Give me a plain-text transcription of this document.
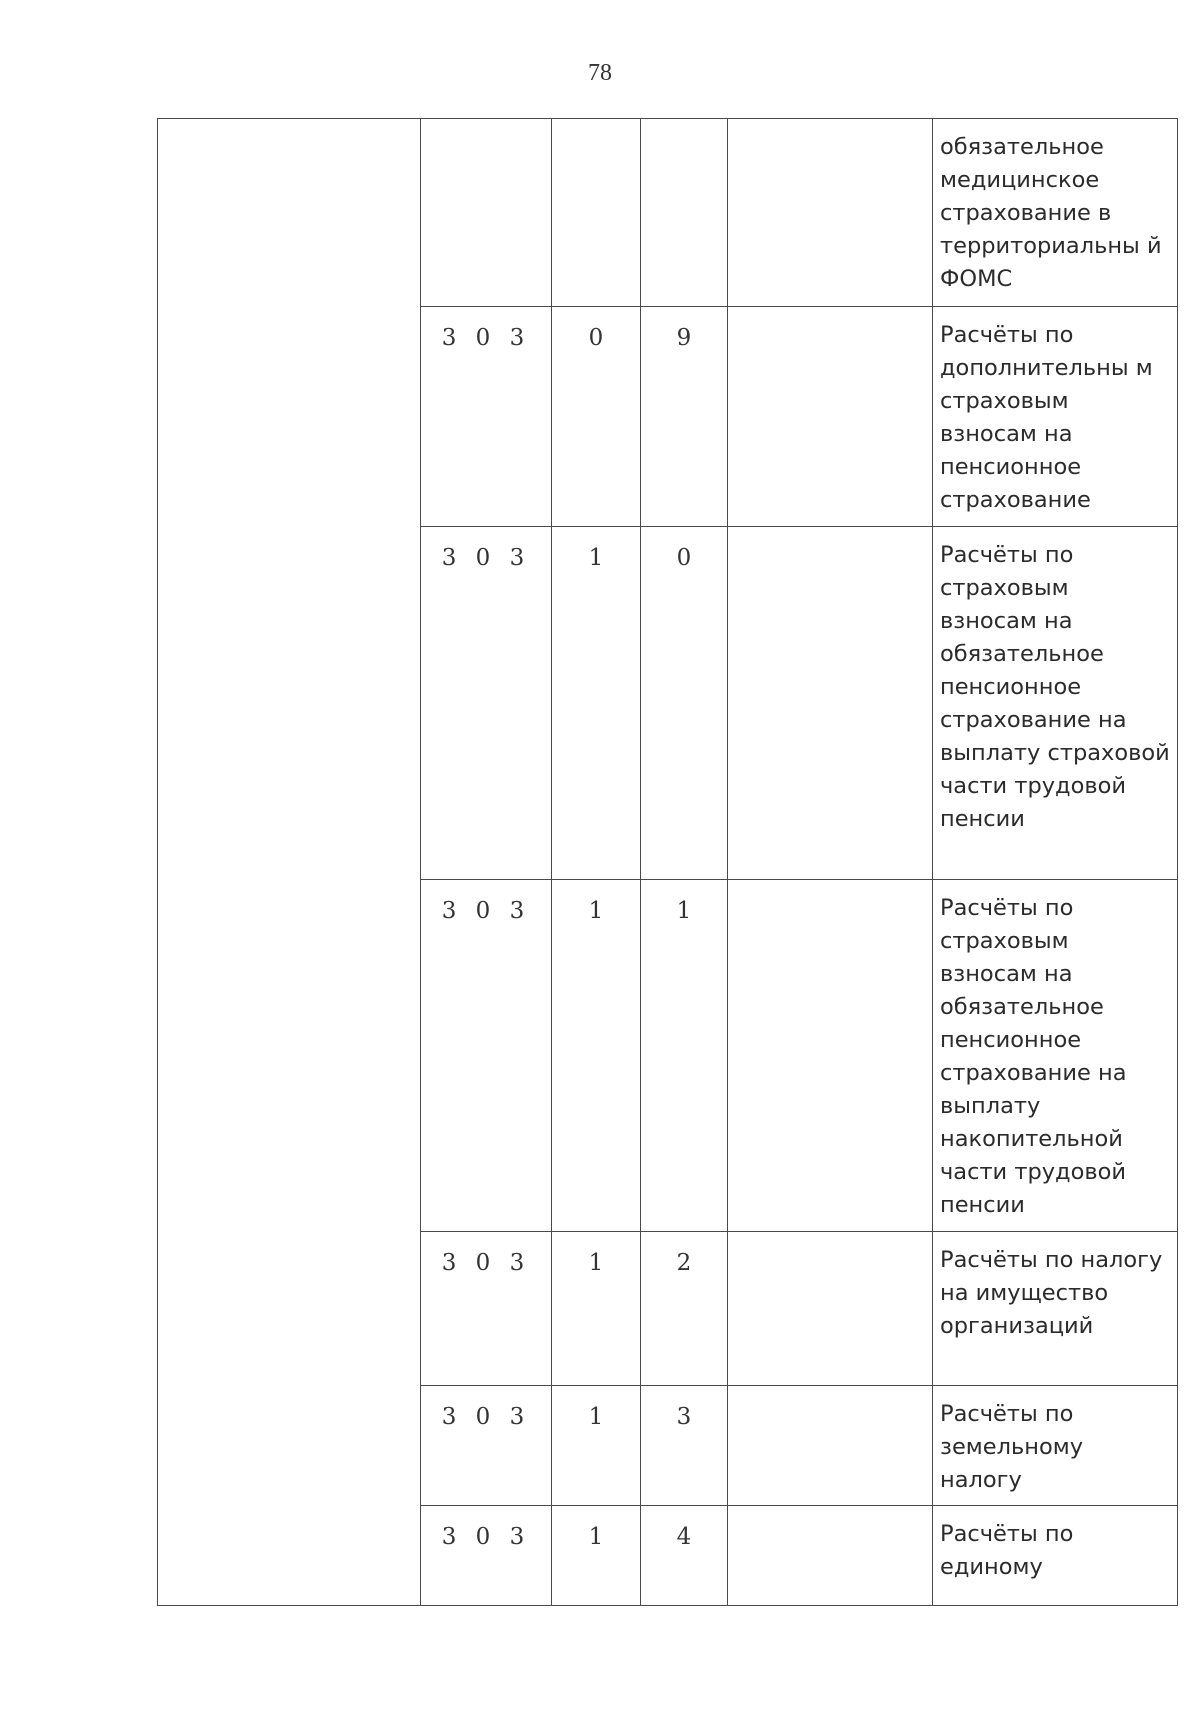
78
					обязательное медицинское страхование в территориальны й ФОМС
	3 0 3	0	9		Расчёты по дополнительны м страховым взносам на пенсионное страхование
	3 0 3	1	0		Расчёты по страховым взносам на обязательное пенсионное страхование на выплату страховой части трудовой пенсии
	3 0 3	1	1		Расчёты по страховым взносам на обязательное пенсионное страхование на выплату накопительной части трудовой пенсии
	3 0 3	1	2		Расчёты по налогу на имущество организаций
	3 0 3	1	3		Расчёты по земельному налогу
	3 0 3	1	4		Расчёты по единому
